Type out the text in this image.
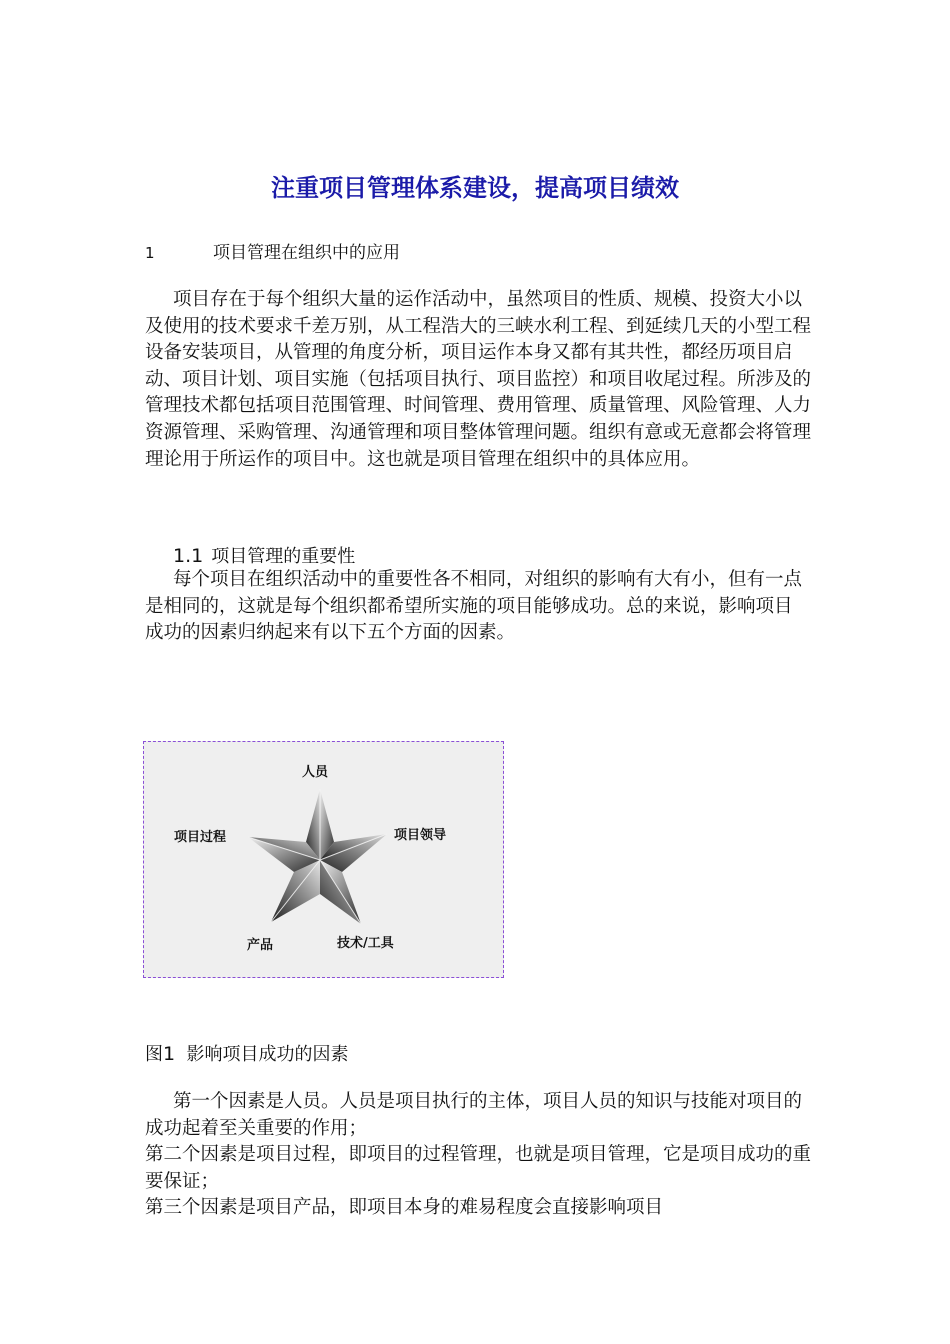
注重项目管理体系建设，提高项目绩效
1	项目管理在组织中的应用

项目存在于每个组织大量的运作活动中，虽然项目的性质、规模、投资大小以及使用的技术要求千差万别，从工程浩大的三峡水利工程、到延续几天的小型工程设备安装项目，从管理的角度分析，项目运作本身又都有其共性，都经历项目启动、项目计划、项目实施（包括项目执行、项目监控）和项目收尾过程。所涉及的管理技术都包括项目范围管理、时间管理、费用管理、质量管理、风险管理、人力资源管理、采购管理、沟通管理和项目整体管理问题。组织有意或无意都会将管理理论用于所运作的项目中。这也就是项目管理在组织中的具体应用。

1.1 项目管理的重要性

每个项目在组织活动中的重要性各不相同，对组织的影响有大有小，但有一点是相同的，这就是每个组织都希望所实施的项目能够成功。总的来说，影响项目成功的因素归纳起来有以下五个方面的因素。

人员
项目领导
项目过程
产品	技术/工具
图1 影响项目成功的因素

第一个因素是人员。人员是项目执行的主体，项目人员的知识与技能对项目的成功起着至关重要的作用；
第二个因素是项目过程，即项目的过程管理，也就是项目管理，它是项目成功的重要保证；
第三个因素是项目产品，即项目本身的难易程度会直接影响项目
